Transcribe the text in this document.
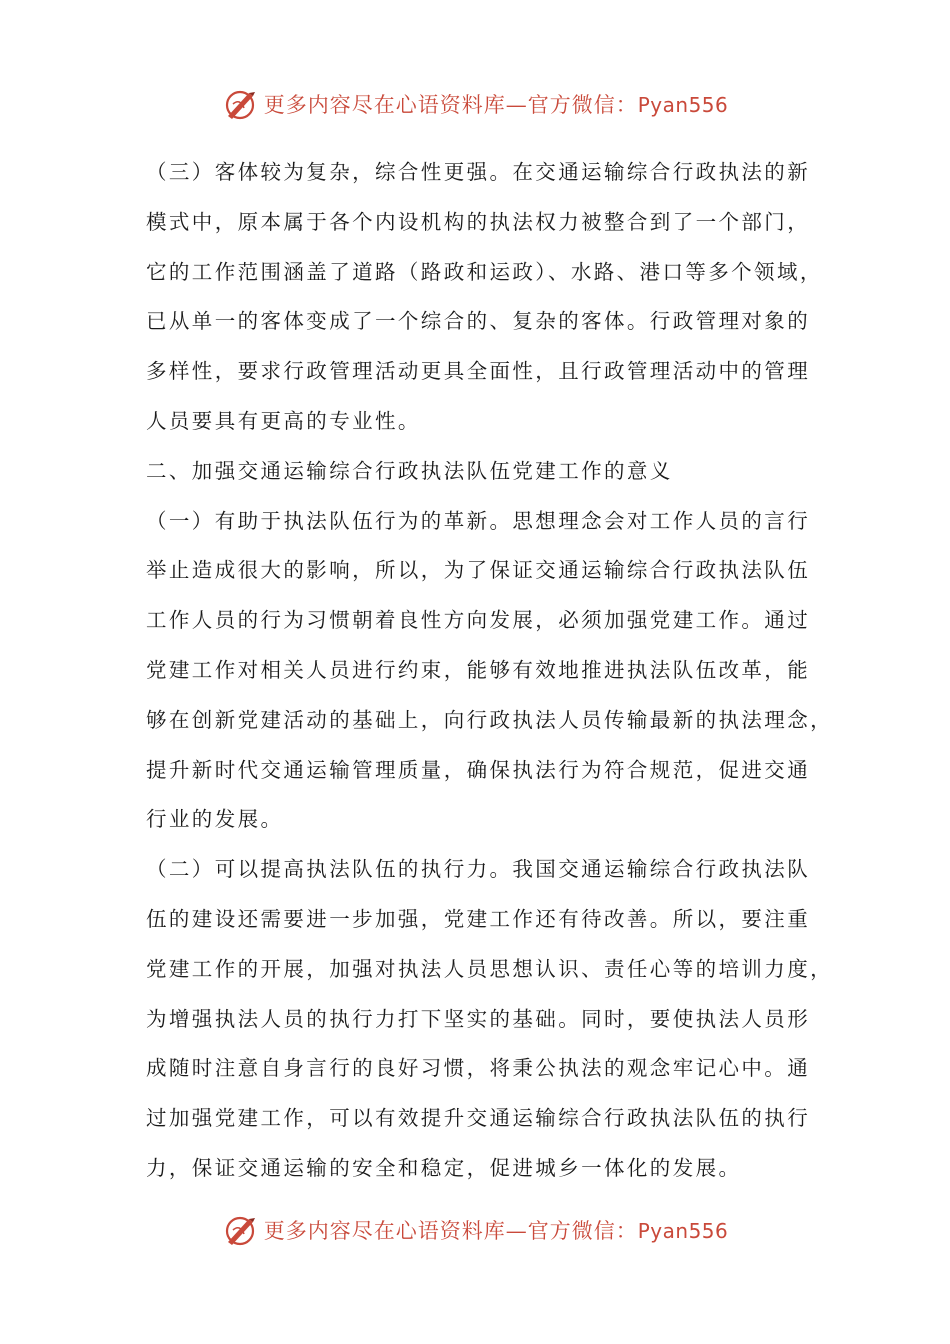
更多内容尽在心语资料库—官方微信：Pyan556
（三）客体较为复杂，综合性更强。在交通运输综合行政执法的新
模式中，原本属于各个内设机构的执法权力被整合到了一个部门，
它的工作范围涵盖了道路（路政和运政）、水路、港口等多个领域，
已从单一的客体变成了一个综合的、复杂的客体。行政管理对象的
多样性，要求行政管理活动更具全面性，且行政管理活动中的管理
人员要具有更高的专业性。
二、加强交通运输综合行政执法队伍党建工作的意义
（一）有助于执法队伍行为的革新。思想理念会对工作人员的言行
举止造成很大的影响，所以，为了保证交通运输综合行政执法队伍
工作人员的行为习惯朝着良性方向发展，必须加强党建工作。通过
党建工作对相关人员进行约束，能够有效地推进执法队伍改革，能
够在创新党建活动的基础上，向行政执法人员传输最新的执法理念，
提升新时代交通运输管理质量，确保执法行为符合规范，促进交通
行业的发展。
（二）可以提高执法队伍的执行力。我国交通运输综合行政执法队
伍的建设还需要进一步加强，党建工作还有待改善。所以，要注重
党建工作的开展，加强对执法人员思想认识、责任心等的培训力度，
为增强执法人员的执行力打下坚实的基础。同时，要使执法人员形
成随时注意自身言行的良好习惯，将秉公执法的观念牢记心中。通
过加强党建工作，可以有效提升交通运输综合行政执法队伍的执行
力，保证交通运输的安全和稳定，促进城乡一体化的发展。
更多内容尽在心语资料库—官方微信：Pyan556
